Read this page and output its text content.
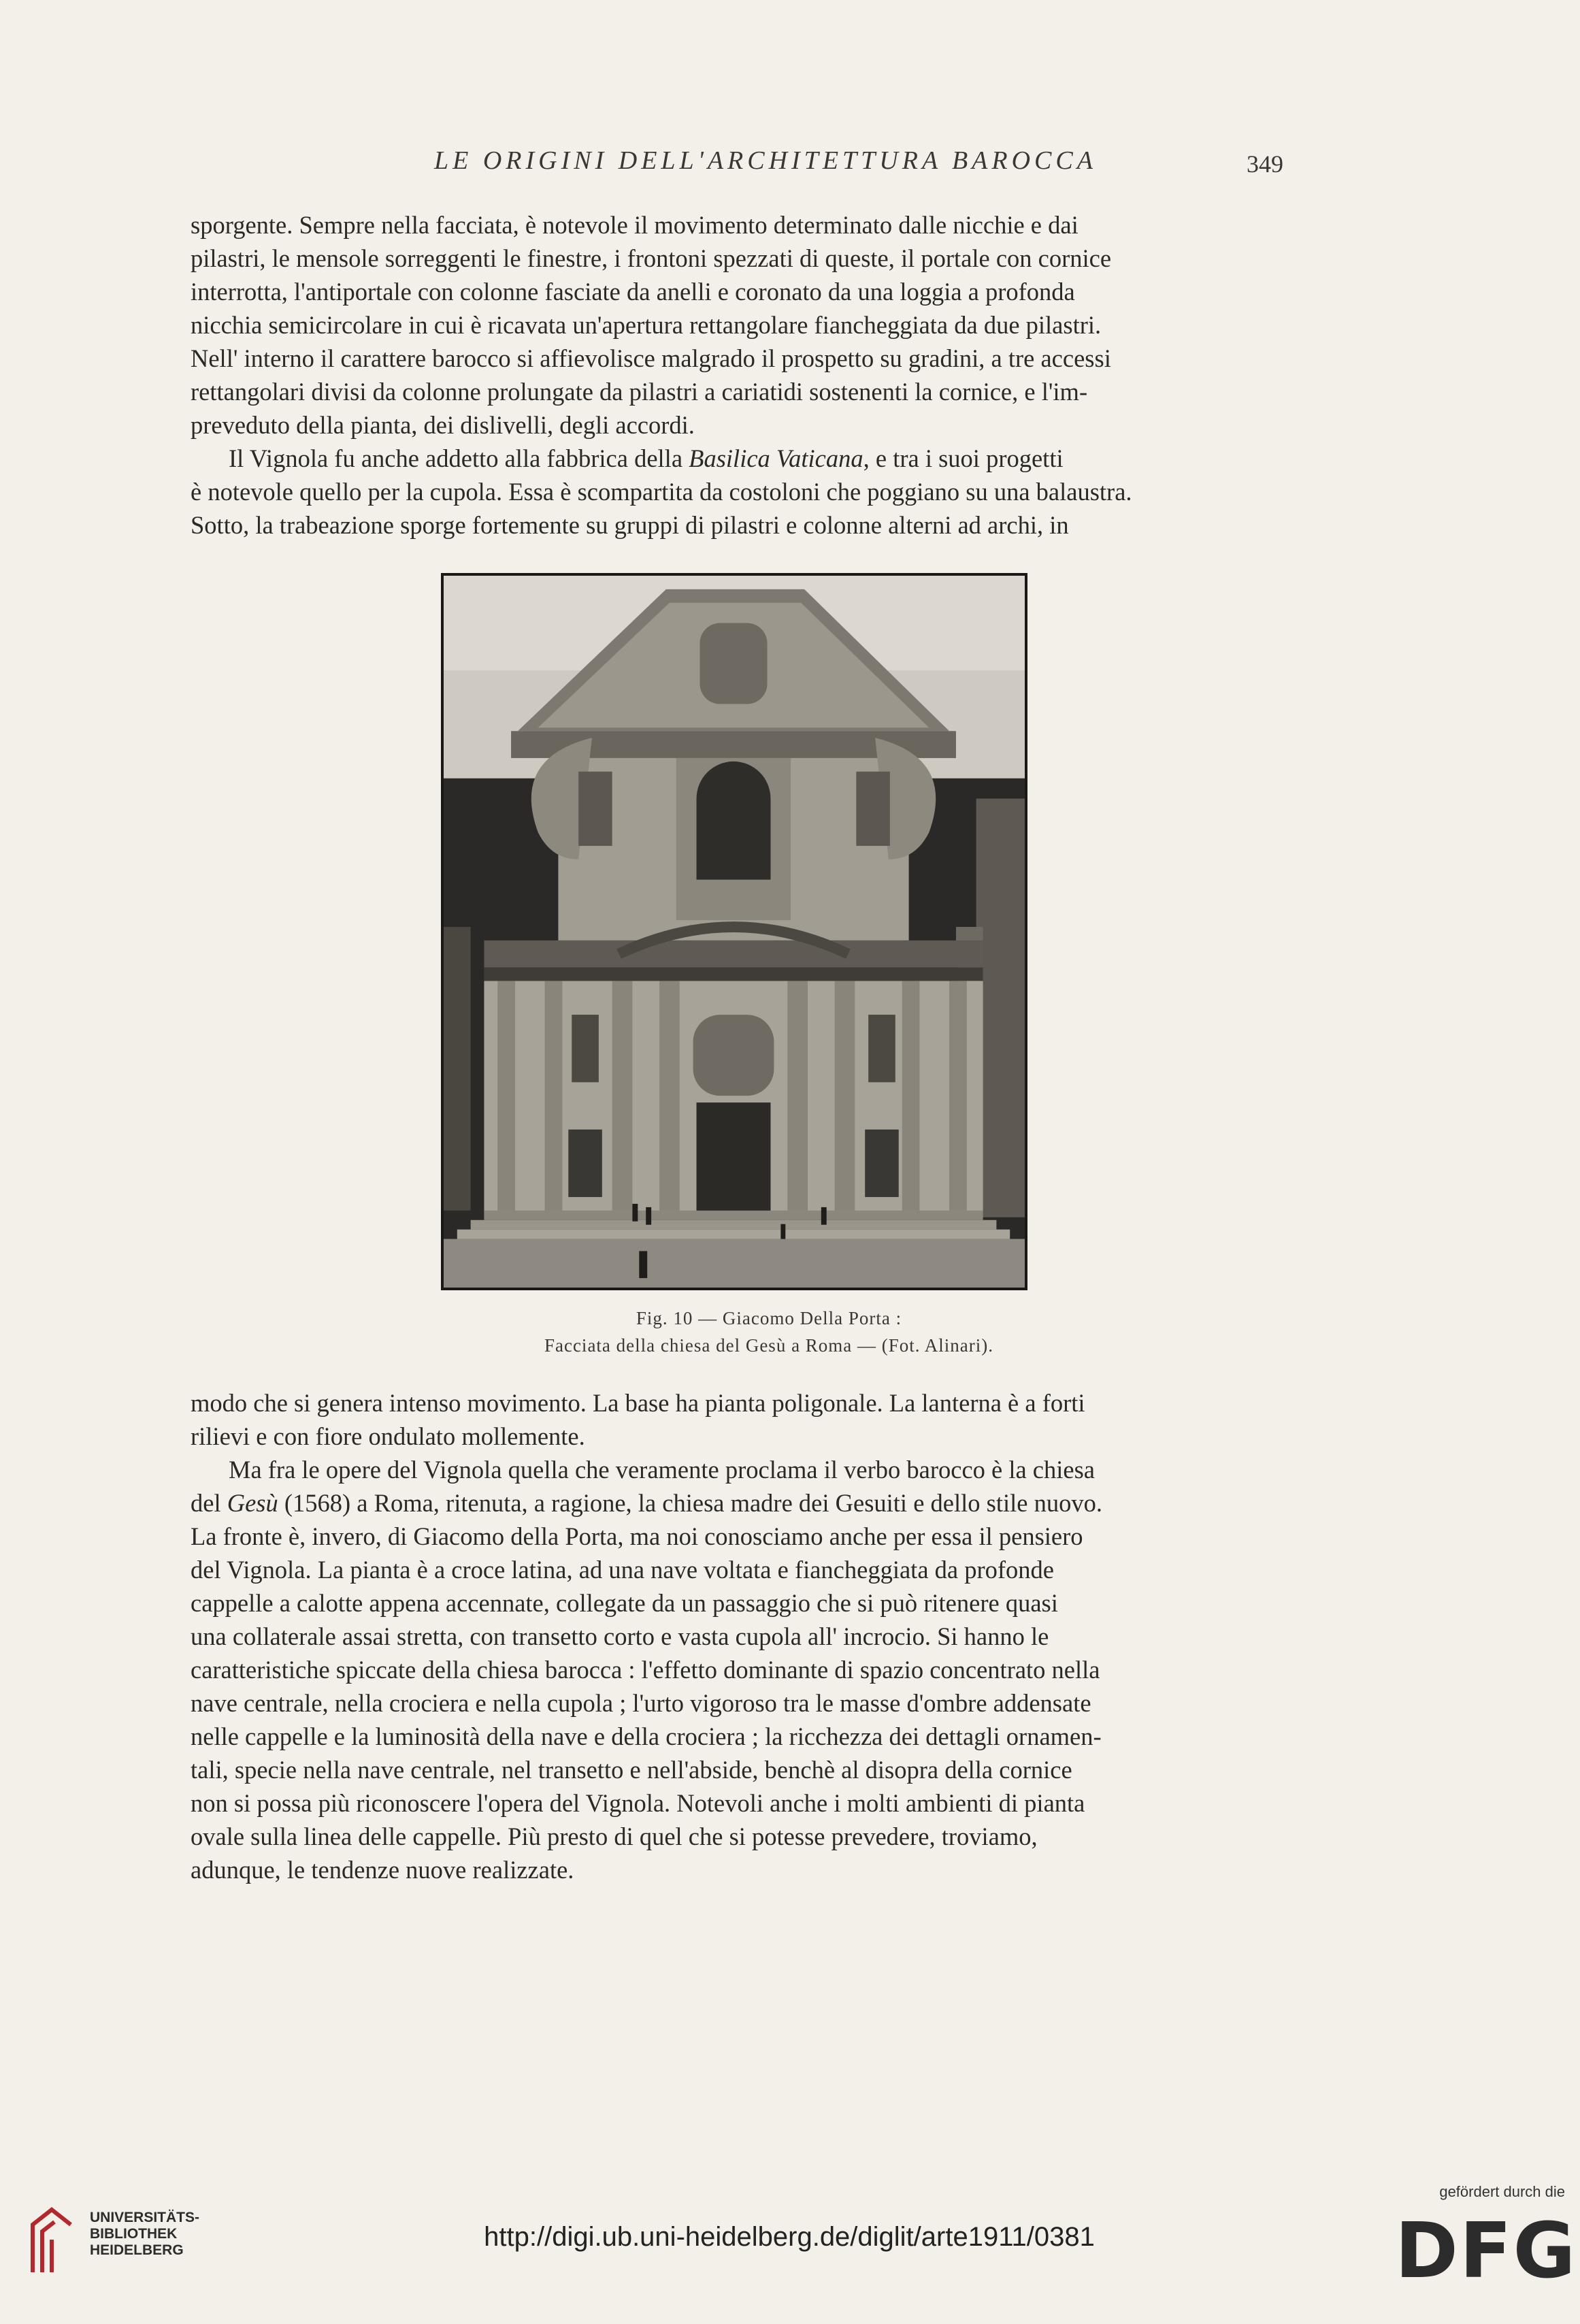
LE ORIGINI DELL'ARCHITETTURA BAROCCA	349

sporgente. Sempre nella facciata, è notevole il movimento determinato dalle nicchie e dai

pilastri, le mensole sorreggenti le finestre, i frontoni spezzati di queste, il portale con cornice

interrotta, l'antiportale con colonne fasciate da anelli e coronato da una loggia a profonda

nicchia semicircolare in cui è ricavata un'apertura rettangolare fiancheggiata da due pilastri.

Nell' interno il carattere barocco si affievolisce malgrado il prospetto su gradini, a tre accessi

rettangolari divisi da colonne prolungate da pilastri a cariatidi sostenenti la cornice, e l'im-

preveduto della pianta, dei dislivelli, degli accordi.

Il Vignola fu anche addetto alla fabbrica della Basilica Vaticana, e tra i suoi progetti

è notevole quello per la cupola. Essa è scompartita da costoloni che poggiano su una balaustra.

Sotto, la trabeazione sporge fortemente su gruppi di pilastri e colonne alterni ad archi, in

Fig. 10 — Giacomo Della Porta :
Facciata della chiesa del Gesù a Roma — (Fot. Alinari).

modo che si genera intenso movimento. La base ha pianta poligonale. La lanterna è a forti

rilievi e con fiore ondulato mollemente.

Ma fra le opere del Vignola quella che veramente proclama il verbo barocco è la chiesa

del Gesù (1568) a Roma, ritenuta, a ragione, la chiesa madre dei Gesuiti e dello stile nuovo.

La fronte è, invero, di Giacomo della Porta, ma noi conosciamo anche per essa il pensiero

del Vignola. La pianta è a croce latina, ad una nave voltata e fiancheggiata da profonde

cappelle a calotte appena accennate, collegate da un passaggio che si può ritenere quasi

una collaterale assai stretta, con transetto corto e vasta cupola all' incrocio. Si hanno le

caratteristiche spiccate della chiesa barocca : l'effetto dominante di spazio concentrato nella

nave centrale, nella crociera e nella cupola ; l'urto vigoroso tra le masse d'ombre addensate

nelle cappelle e la luminosità della nave e della crociera ; la ricchezza dei dettagli ornamen-

tali, specie nella nave centrale, nel transetto e nell'abside, benchè al disopra della cornice

non si possa più riconoscere l'opera del Vignola. Notevoli anche i molti ambienti di pianta

ovale sulla linea delle cappelle. Più presto di quel che si potesse prevedere, troviamo,

adunque, le tendenze nuove realizzate.

UNIVERSITÄTS-
BIBLIOTHEK
HEIDELBERG	http://digi.ub.uni-heidelberg.de/diglit/arte1911/0381
gefördert durch die
DFG
